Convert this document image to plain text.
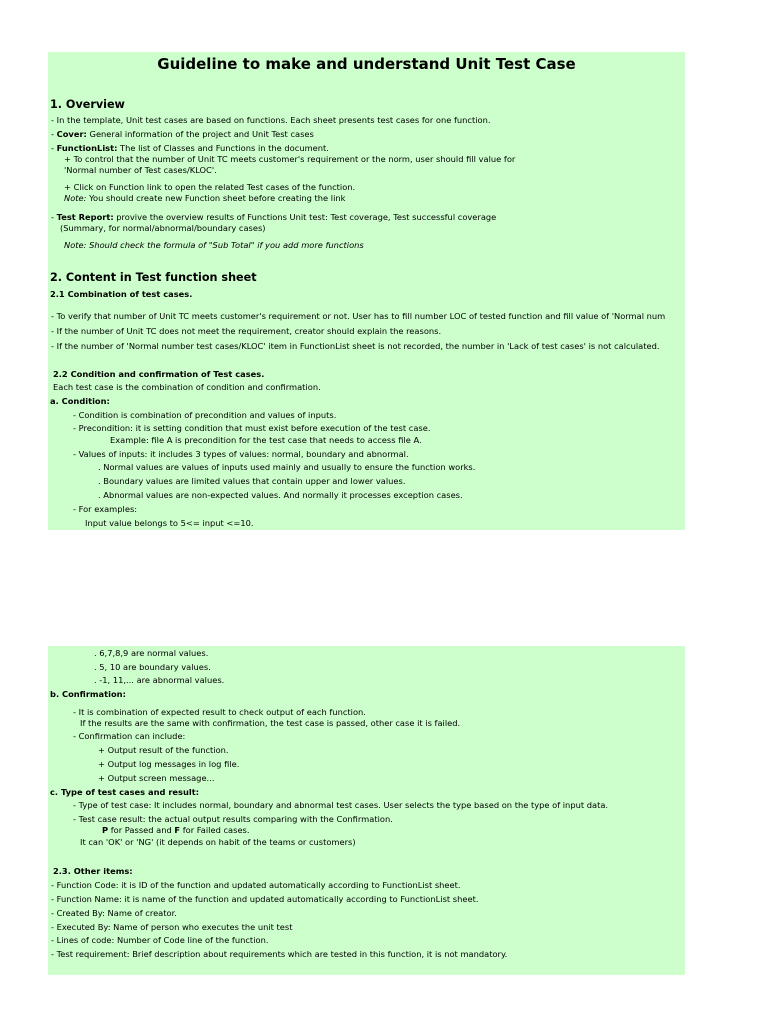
Guideline to make and understand Unit Test Case
1. Overview
- In the template, Unit test cases are based on functions. Each sheet presents test cases for one function.
- Cover: General information of the project and Unit Test cases
- FunctionList: The list of Classes and Functions in the document.
+ To control that the number of Unit TC meets customer's requirement or the norm, user should fill value for
'Normal number of Test cases/KLOC'.
+ Click on Function link to open the related Test cases of the function.
Note: You should create new Function sheet before creating the link
- Test Report: provive the overview results of Functions Unit test: Test coverage, Test successful coverage
(Summary, for normal/abnormal/boundary cases)
Note: Should check the formula of "Sub Total" if you add more functions
2. Content in Test function sheet
2.1 Combination of test cases.
- To verify that number of Unit TC meets customer's requirement or not. User has to fill number LOC of tested function and fill value of 'Normal num
- If the number of Unit TC does not meet the requirement, creator should explain the reasons.
- If the number of 'Normal number test cases/KLOC' item in FunctionList sheet is not recorded, the number in 'Lack of test cases' is not calculated.
2.2 Condition and confirmation of Test cases.
Each test case is the combination of condition and confirmation.
a. Condition:
- Condition is combination of precondition and values of inputs.
- Precondition: it is setting condition that must exist before execution of the test case.
Example: file A is precondition for the test case that needs to access file A.
- Values of inputs: it includes 3 types of values: normal, boundary and abnormal.
. Normal values are values of inputs used mainly and usually to ensure the function works.
. Boundary values are limited values that contain upper and lower values.
. Abnormal values are non-expected values. And normally it processes exception cases.
- For examples:
Input value belongs to 5<= input <=10.
. 6,7,8,9 are normal values.
. 5, 10 are boundary values.
. -1, 11,... are abnormal values.
b. Confirmation:
- It is combination of expected result to check output of each function.
If the results are the same with confirmation, the test case is passed, other case it is failed.
- Confirmation can include:
+ Output result of the function.
+ Output log messages in log file.
+ Output screen message...
c. Type of test cases and result:
- Type of test case: It includes normal, boundary and abnormal test cases. User selects the type based on the type of input data.
- Test case result: the actual output results comparing with the Confirmation.
P for Passed and F for Failed cases.
It can 'OK' or 'NG' (it depends on habit of the teams or customers)
2.3. Other items:
- Function Code: it is ID of the function and updated automatically according to FunctionList sheet.
- Function Name: it is name of the function and updated automatically according to FunctionList sheet.
- Created By: Name of creator.
- Executed By: Name of person who executes the unit test
- Lines of code: Number of Code line of the function.
- Test requirement: Brief description about requirements which are tested in this function, it is not mandatory.
